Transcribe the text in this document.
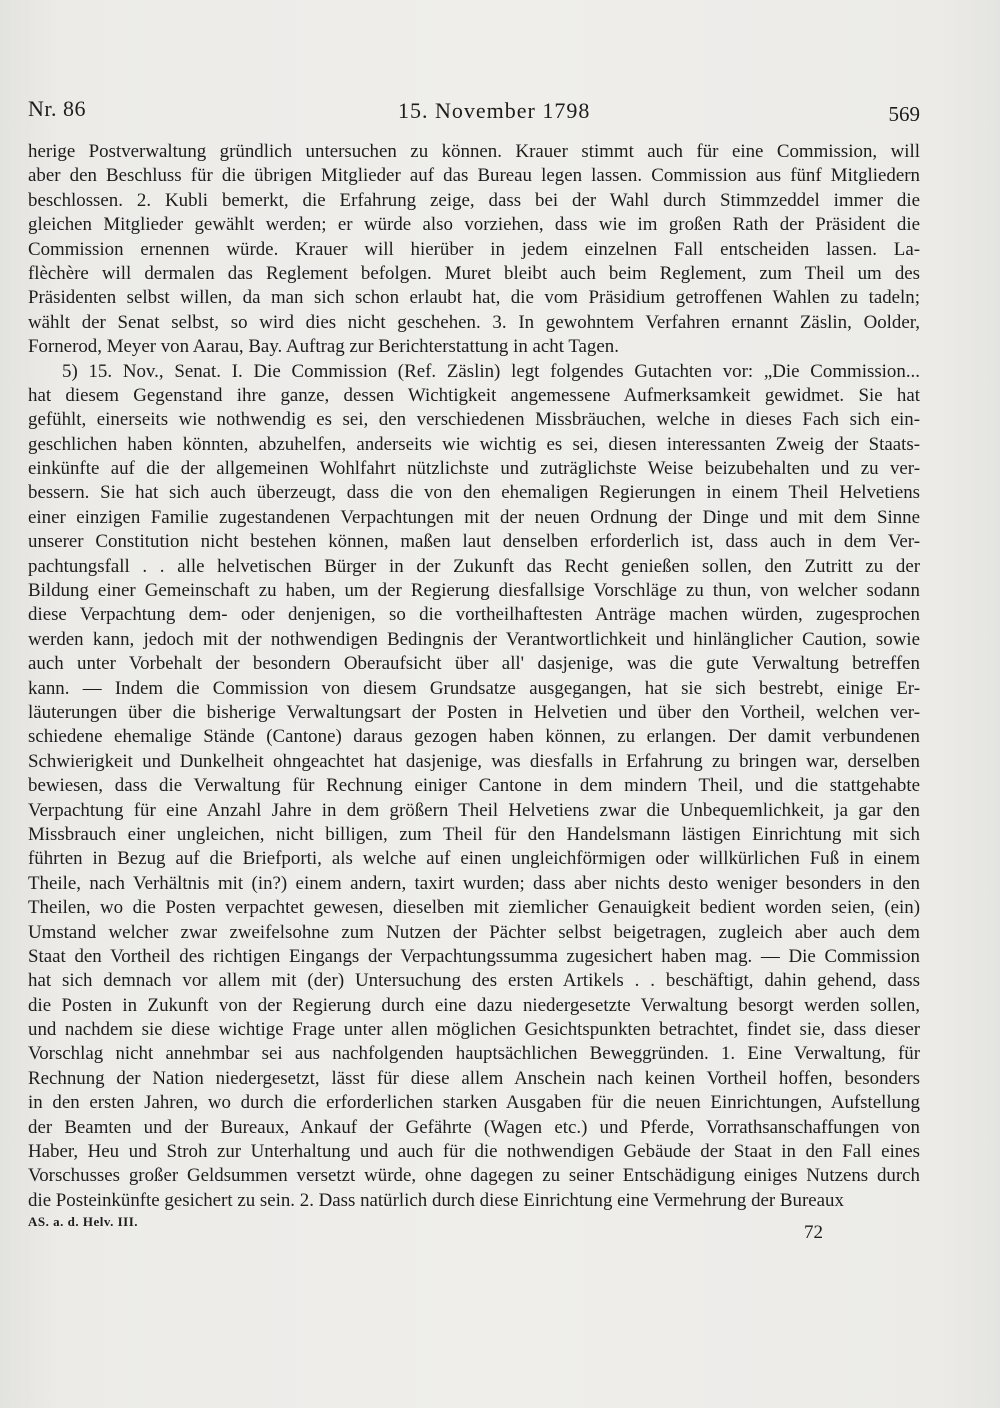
Nr. 86	15. November 1798	569
herige Postverwaltung gründlich untersuchen zu können. Krauer stimmt auch für eine Commission, will
aber den Beschluss für die übrigen Mitglieder auf das Bureau legen lassen. Commission aus fünf Mitgliedern
beschlossen. 2. Kubli bemerkt, die Erfahrung zeige, dass bei der Wahl durch Stimmzeddel immer die
gleichen Mitglieder gewählt werden; er würde also vorziehen, dass wie im großen Rath der Präsident die
Commission ernennen würde. Krauer will hierüber in jedem einzelnen Fall entscheiden lassen. La-
flèchère will dermalen das Reglement befolgen. Muret bleibt auch beim Reglement, zum Theil um des
Präsidenten selbst willen, da man sich schon erlaubt hat, die vom Präsidium getroffenen Wahlen zu tadeln;
wählt der Senat selbst, so wird dies nicht geschehen. 3. In gewohntem Verfahren ernannt Zäslin, Oolder,
Fornerod, Meyer von Aarau, Bay. Auftrag zur Berichterstattung in acht Tagen.
5) 15. Nov., Senat. I. Die Commission (Ref. Zäslin) legt folgendes Gutachten vor: „Die Commission...
hat diesem Gegenstand ihre ganze, dessen Wichtigkeit angemessene Aufmerksamkeit gewidmet. Sie hat
gefühlt, einerseits wie nothwendig es sei, den verschiedenen Missbräuchen, welche in dieses Fach sich ein-
geschlichen haben könnten, abzuhelfen, anderseits wie wichtig es sei, diesen interessanten Zweig der Staats-
einkünfte auf die der allgemeinen Wohlfahrt nützlichste und zuträglichste Weise beizubehalten und zu ver-
bessern. Sie hat sich auch überzeugt, dass die von den ehemaligen Regierungen in einem Theil Helvetiens
einer einzigen Familie zugestandenen Verpachtungen mit der neuen Ordnung der Dinge und mit dem Sinne
unserer Constitution nicht bestehen können, maßen laut denselben erforderlich ist, dass auch in dem Ver-
pachtungsfall . . alle helvetischen Bürger in der Zukunft das Recht genießen sollen, den Zutritt zu der
Bildung einer Gemeinschaft zu haben, um der Regierung diesfallsige Vorschläge zu thun, von welcher sodann
diese Verpachtung dem- oder denjenigen, so die vortheilhaftesten Anträge machen würden, zugesprochen
werden kann, jedoch mit der nothwendigen Bedingnis der Verantwortlichkeit und hinlänglicher Caution, sowie
auch unter Vorbehalt der besondern Oberaufsicht über all' dasjenige, was die gute Verwaltung betreffen
kann. — Indem die Commission von diesem Grundsatze ausgegangen, hat sie sich bestrebt, einige Er-
läuterungen über die bisherige Verwaltungsart der Posten in Helvetien und über den Vortheil, welchen ver-
schiedene ehemalige Stände (Cantone) daraus gezogen haben können, zu erlangen. Der damit verbundenen
Schwierigkeit und Dunkelheit ohngeachtet hat dasjenige, was diesfalls in Erfahrung zu bringen war, derselben
bewiesen, dass die Verwaltung für Rechnung einiger Cantone in dem mindern Theil, und die stattgehabte
Verpachtung für eine Anzahl Jahre in dem größern Theil Helvetiens zwar die Unbequemlichkeit, ja gar den
Missbrauch einer ungleichen, nicht billigen, zum Theil für den Handelsmann lästigen Einrichtung mit sich
führten in Bezug auf die Briefporti, als welche auf einen ungleichförmigen oder willkürlichen Fuß in einem
Theile, nach Verhältnis mit (in?) einem andern, taxirt wurden; dass aber nichts desto weniger besonders in den
Theilen, wo die Posten verpachtet gewesen, dieselben mit ziemlicher Genauigkeit bedient worden seien, (ein)
Umstand welcher zwar zweifelsohne zum Nutzen der Pächter selbst beigetragen, zugleich aber auch dem
Staat den Vortheil des richtigen Eingangs der Verpachtungssumma zugesichert haben mag. — Die Commission
hat sich demnach vor allem mit (der) Untersuchung des ersten Artikels . . beschäftigt, dahin gehend, dass
die Posten in Zukunft von der Regierung durch eine dazu niedergesetzte Verwaltung besorgt werden sollen,
und nachdem sie diese wichtige Frage unter allen möglichen Gesichtspunkten betrachtet, findet sie, dass dieser
Vorschlag nicht annehmbar sei aus nachfolgenden hauptsächlichen Beweggründen. 1. Eine Verwaltung, für
Rechnung der Nation niedergesetzt, lässt für diese allem Anschein nach keinen Vortheil hoffen, besonders
in den ersten Jahren, wo durch die erforderlichen starken Ausgaben für die neuen Einrichtungen, Aufstellung
der Beamten und der Bureaux, Ankauf der Gefährte (Wagen etc.) und Pferde, Vorrathsanschaffungen von
Haber, Heu und Stroh zur Unterhaltung und auch für die nothwendigen Gebäude der Staat in den Fall eines
Vorschusses großer Geldsummen versetzt würde, ohne dagegen zu seiner Entschädigung einiges Nutzens durch
die Posteinkünfte gesichert zu sein. 2. Dass natürlich durch diese Einrichtung eine Vermehrung der Bureaux
AS. a. d. Helv. III.
72
